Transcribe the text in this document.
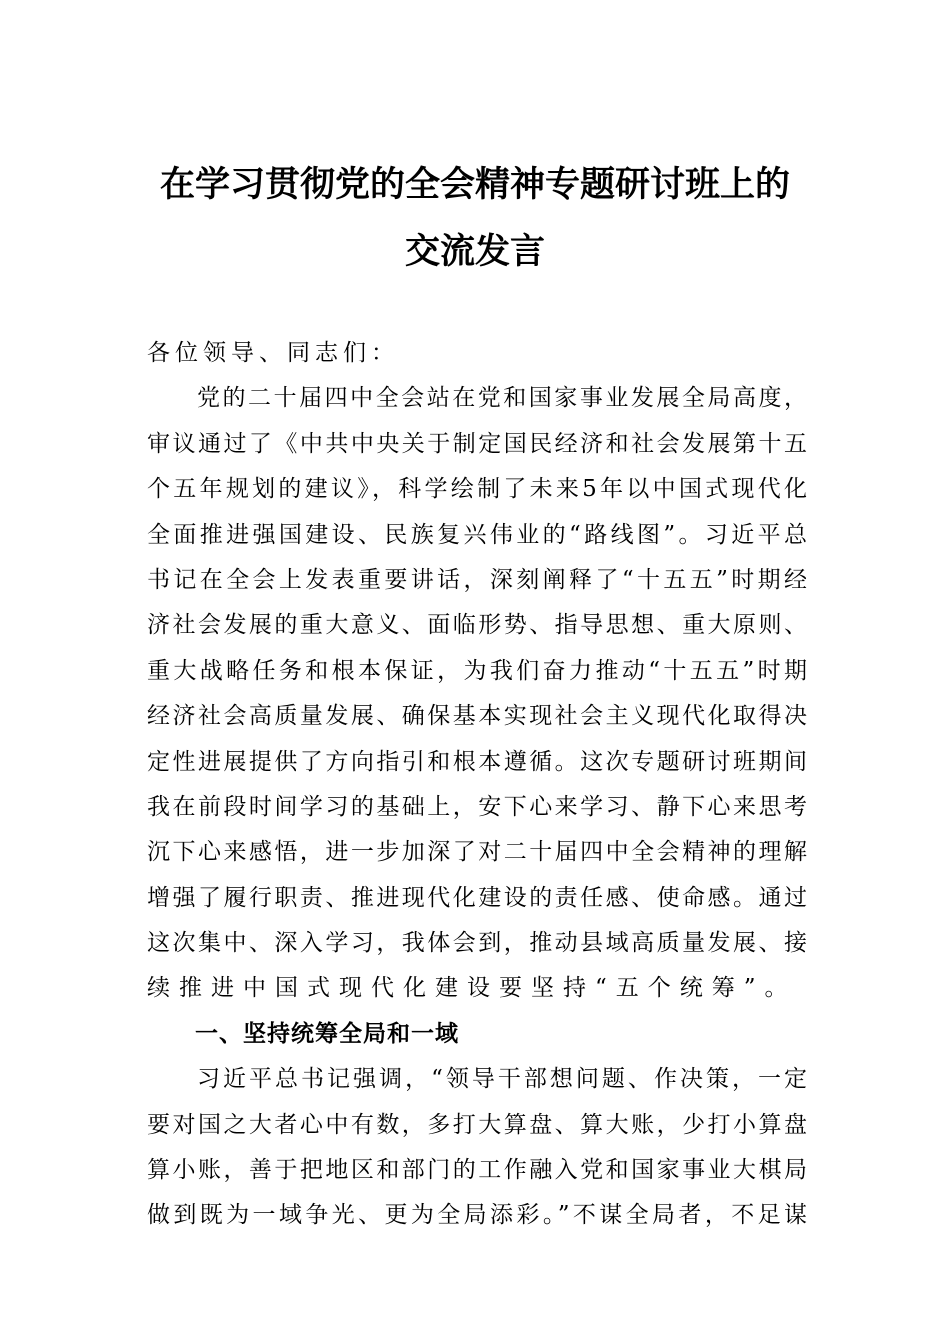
在学习贯彻党的全会精神专题研讨班上的
交流发言
各位领导、同志们：
党的二十届四中全会站在党和国家事业发展全局高度，
审议通过了《中共中央关于制定国民经济和社会发展第十五
个五年规划的建议》，科学绘制了未来5年以中国式现代化
全面推进强国建设、民族复兴伟业的“路线图”。习近平总
书记在全会上发表重要讲话，深刻阐释了“十五五”时期经
济社会发展的重大意义、面临形势、指导思想、重大原则、
重大战略任务和根本保证，为我们奋力推动“十五五”时期
经济社会高质量发展、确保基本实现社会主义现代化取得决
定性进展提供了方向指引和根本遵循。这次专题研讨班期间
我在前段时间学习的基础上，安下心来学习、静下心来思考
沉下心来感悟，进一步加深了对二十届四中全会精神的理解
增强了履行职责、推进现代化建设的责任感、使命感。通过
这次集中、深入学习，我体会到，推动县域高质量发展、接
续推进中国式现代化建设要坚持“五个统筹”。
一、坚持统筹全局和一域
习近平总书记强调，“领导干部想问题、作决策，一定
要对国之大者心中有数，多打大算盘、算大账，少打小算盘
算小账，善于把地区和部门的工作融入党和国家事业大棋局
做到既为一域争光、更为全局添彩。”不谋全局者，不足谋
